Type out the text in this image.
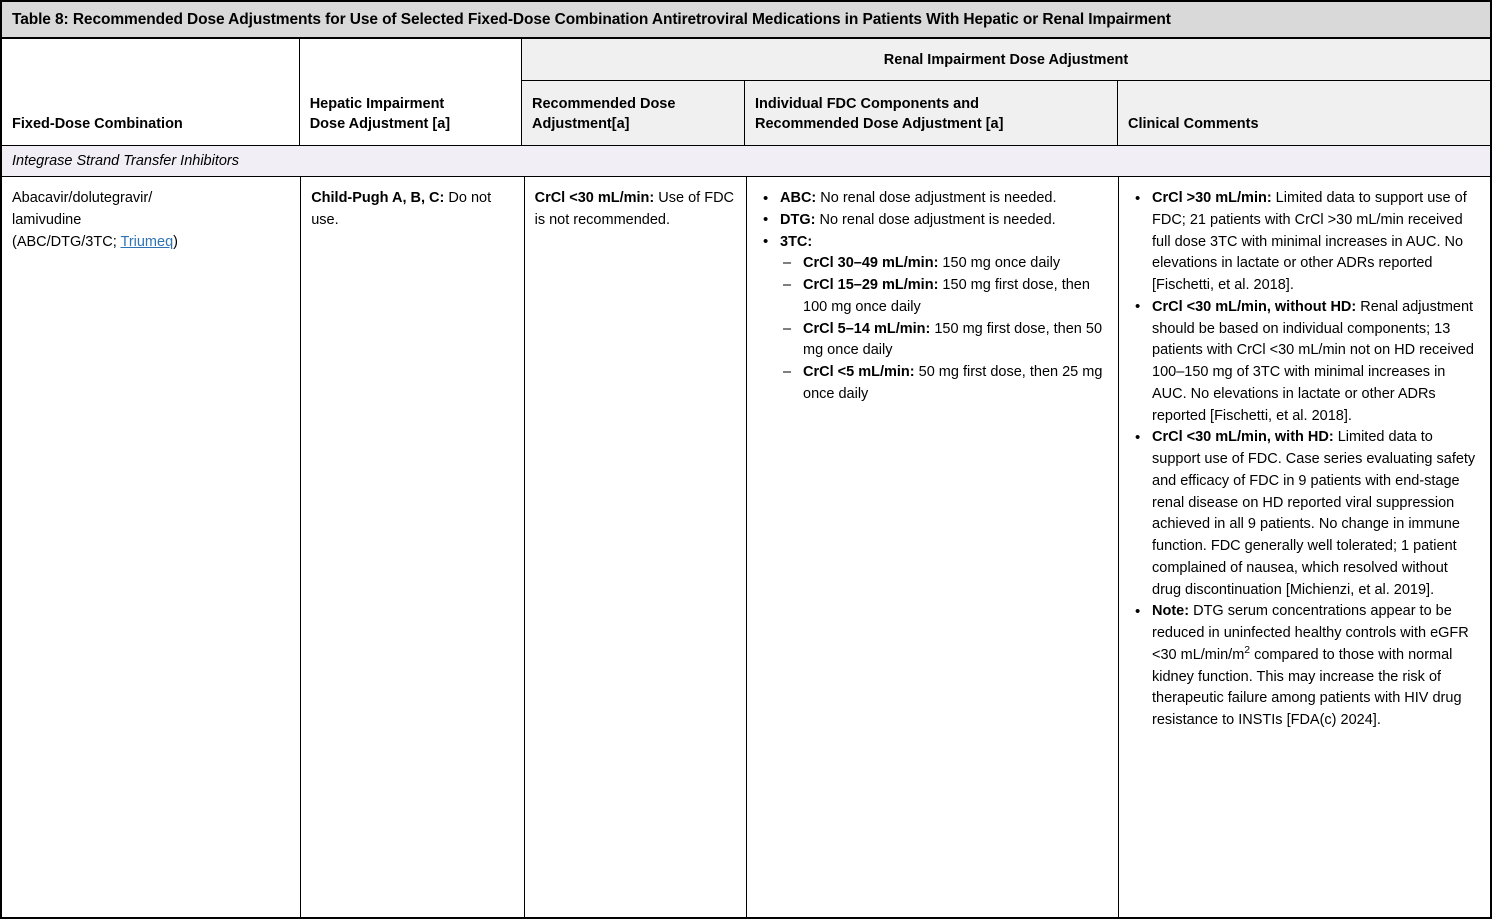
Table 8: Recommended Dose Adjustments for Use of Selected Fixed-Dose Combination Antiretroviral Medications in Patients With Hepatic or Renal Impairment
Fixed-Dose Combination
Hepatic Impairment
Dose Adjustment [a]
Renal Impairment Dose Adjustment
Recommended Dose
Adjustment[a]
Individual FDC Components and
Recommended Dose Adjustment [a]	Clinical Comments
Integrase Strand Transfer Inhibitors

Abacavir/dolutegravir/

lamivudine

(ABC/DTG/3TC; Triumeq)

Child-Pugh A, B, C: Do not use.

CrCl <30 mL/min: Use of FDC is not recommended.

• ABC: No renal dose adjustment is needed.
• DTG: No renal dose adjustment is needed.
• 3TC:
– CrCl 30–49 mL/min: 150 mg once daily
– CrCl 15–29 mL/min: 150 mg first dose, then 100 mg once daily
– CrCl 5–14 mL/min: 150 mg first dose, then 50 mg once daily
– CrCl <5 mL/min: 50 mg first dose, then 25 mg once daily
• CrCl >30 mL/min: Limited data to support use of FDC; 21 patients with CrCl >30 mL/min received full dose 3TC with minimal increases in AUC. No elevations in lactate or other ADRs reported [Fischetti, et al. 2018].
• CrCl <30 mL/min, without HD: Renal adjustment should be based on individual components; 13 patients with CrCl <30 mL/min not on HD received 100–150 mg of 3TC with minimal increases in AUC. No elevations in lactate or other ADRs reported [Fischetti, et al. 2018].
• CrCl <30 mL/min, with HD: Limited data to support use of FDC. Case series evaluating safety and efficacy of FDC in 9 patients with end-stage renal disease on HD reported viral suppression achieved in all 9 patients. No change in immune function. FDC generally well tolerated; 1 patient complained of nausea, which resolved without drug discontinuation [Michienzi, et al. 2019].
• Note: DTG serum concentrations appear to be reduced in uninfected healthy controls with eGFR <30 $mL/\min/m^2$ compared to those with normal kidney function. This may increase the risk of therapeutic failure among patients with HIV drug resistance to INSTIs [FDA(c) 2024].
